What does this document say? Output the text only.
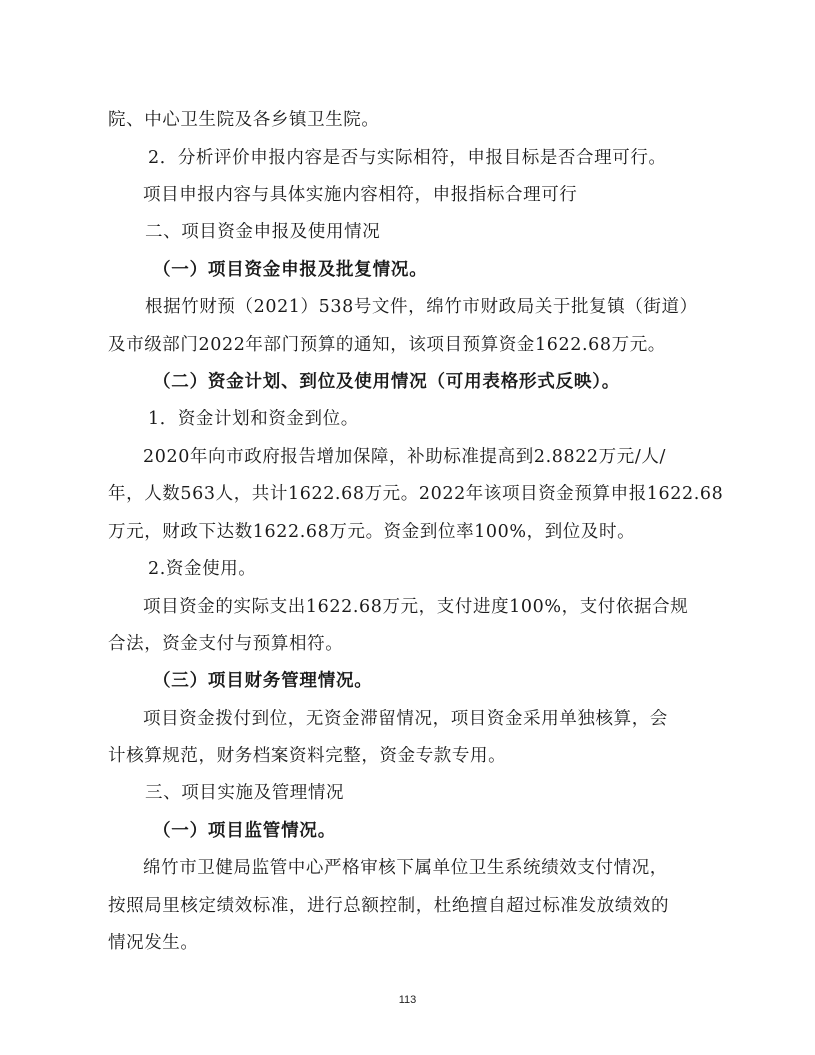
院、中心卫生院及各乡镇卫生院。
2．分析评价申报内容是否与实际相符，申报目标是否合理可行。
项目申报内容与具体实施内容相符，申报指标合理可行
二、项目资金申报及使用情况
（一）项目资金申报及批复情况。
根据竹财预（2021）538号文件，绵竹市财政局关于批复镇（街道）
及市级部门2022年部门预算的通知，该项目预算资金1622.68万元。
（二）资金计划、到位及使用情况（可用表格形式反映）。
1．资金计划和资金到位。
2020年向市政府报告增加保障，补助标准提高到2.8822万元/人/
年，人数563人，共计1622.68万元。2022年该项目资金预算申报1622.68
万元，财政下达数1622.68万元。资金到位率100%，到位及时。
2.资金使用。
项目资金的实际支出1622.68万元，支付进度100%，支付依据合规
合法，资金支付与预算相符。
（三）项目财务管理情况。
项目资金拨付到位，无资金滞留情况，项目资金采用单独核算，会
计核算规范，财务档案资料完整，资金专款专用。
三、项目实施及管理情况
（一）项目监管情况。
绵竹市卫健局监管中心严格审核下属单位卫生系统绩效支付情况，
按照局里核定绩效标准，进行总额控制，杜绝擅自超过标准发放绩效的
情况发生。
113
